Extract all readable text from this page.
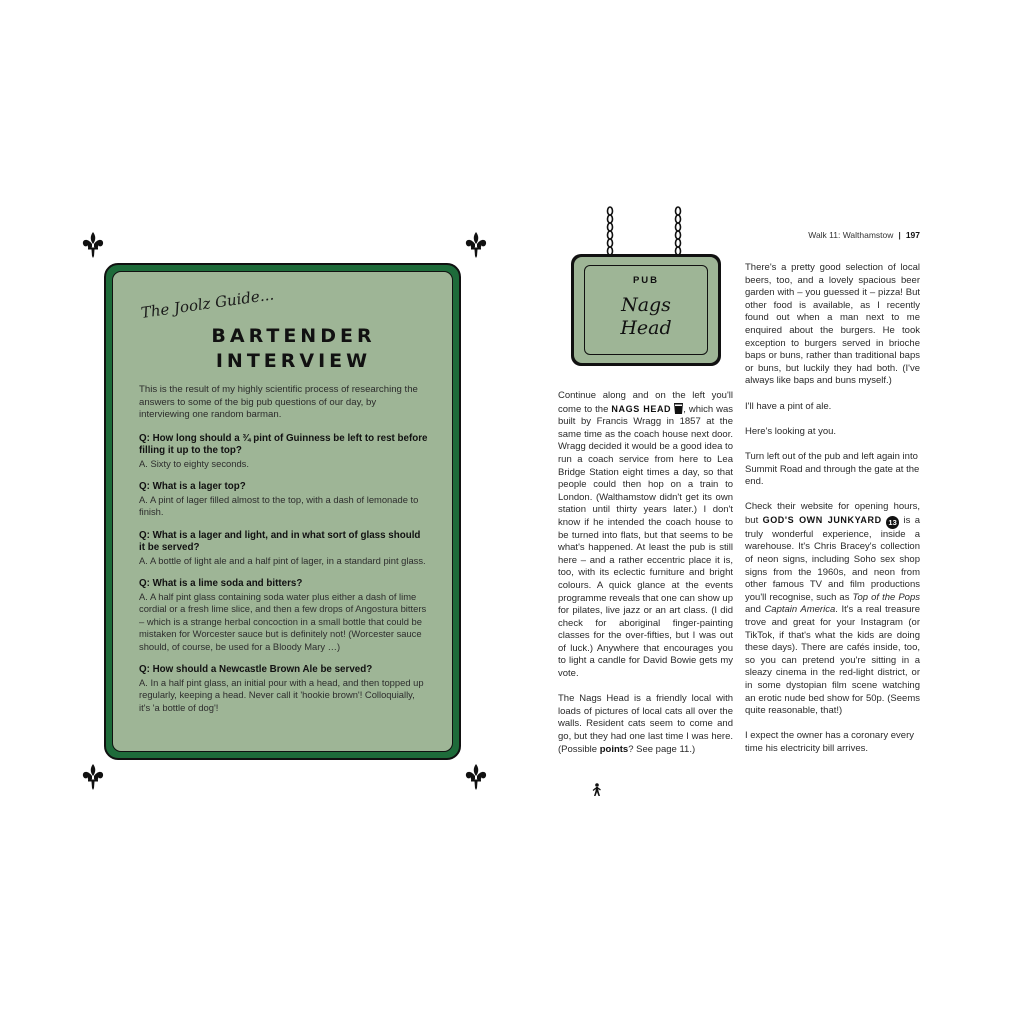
The Joolz Guide...
BARTENDER
INTERVIEW
This is the result of my highly scientific process of researching the answers to some of the big pub questions of our day, by interviewing one random barman.
Q: How long should a ¾ pint of Guinness be left to rest before filling it up to the top?
A. Sixty to eighty seconds.
Q: What is a lager top?
A. A pint of lager filled almost to the top, with a dash of lemonade to finish.
Q: What is a lager and light, and in what sort of glass should it be served?
A. A bottle of light ale and a half pint of lager, in a standard pint glass.
Q: What is a lime soda and bitters?
A. A half pint glass containing soda water plus either a dash of lime cordial or a fresh lime slice, and then a few drops of Angostura bitters – which is a strange herbal concoction in a small bottle that could be mistaken for Worcester sauce but is definitely not! (Worcester sauce should, of course, be used for a Bloody Mary …)
Q: How should a Newcastle Brown Ale be served?
A. In a half pint glass, an initial pour with a head, and then topped up regularly, keeping a head. Never call it 'hookie brown'! Colloquially, it's 'a bottle of dog'!
Walk 11: Walthamstow | 197
PUB
Nags
Head

Continue along and on the left you'll come to the NAGS HEAD , which was built by Francis Wragg in 1857 at the same time as the coach house next door. Wragg decided it would be a good idea to run a coach service from here to Lea Bridge Station eight times a day, so that people could then hop on a train to London. (Walthamstow didn't get its own station until thirty years later.) I don't know if he intended the coach house to be turned into flats, but that seems to be what's happened. At least the pub is still here – and a rather eccentric place it is, too, with its eclectic furniture and bright colours. A quick glance at the events programme reveals that one can show up for pilates, live jazz or an art class. (I did check for aboriginal finger-painting classes for the over-fifties, but I was out of luck.) Anywhere that encourages you to light a candle for David Bowie gets my vote.

The Nags Head is a friendly local with loads of pictures of local cats all over the walls. Resident cats seem to come and go, but they had one last time I was here. (Possible points? See page 11.)

There's a pretty good selection of local beers, too, and a lovely spacious beer garden with – you guessed it – pizza! But other food is available, as I recently found out when a man next to me enquired about the burgers. He took exception to burgers served in brioche baps or buns, rather than traditional baps or buns, but luckily they had both. (I've always like baps and buns myself.)

I'll have a pint of ale.

Here's looking at you.

Turn left out of the pub and left again into Summit Road and through the gate at the end.

Check their website for opening hours, but GOD'S OWN JUNKYARD 13 is a truly wonderful experience, inside a warehouse. It's Chris Bracey's collection of neon signs, including Soho sex shop signs from the 1960s, and neon from other famous TV and film productions you'll recognise, such as Top of the Pops and Captain America. It's a real treasure trove and great for your Instagram (or TikTok, if that's what the kids are doing these days). There are cafés inside, too, so you can pretend you're sitting in a sleazy cinema in the red-light district, or in some dystopian film scene watching an erotic nude bed show for 50p. (Seems quite reasonable, that!)

I expect the owner has a coronary every time his electricity bill arrives.
